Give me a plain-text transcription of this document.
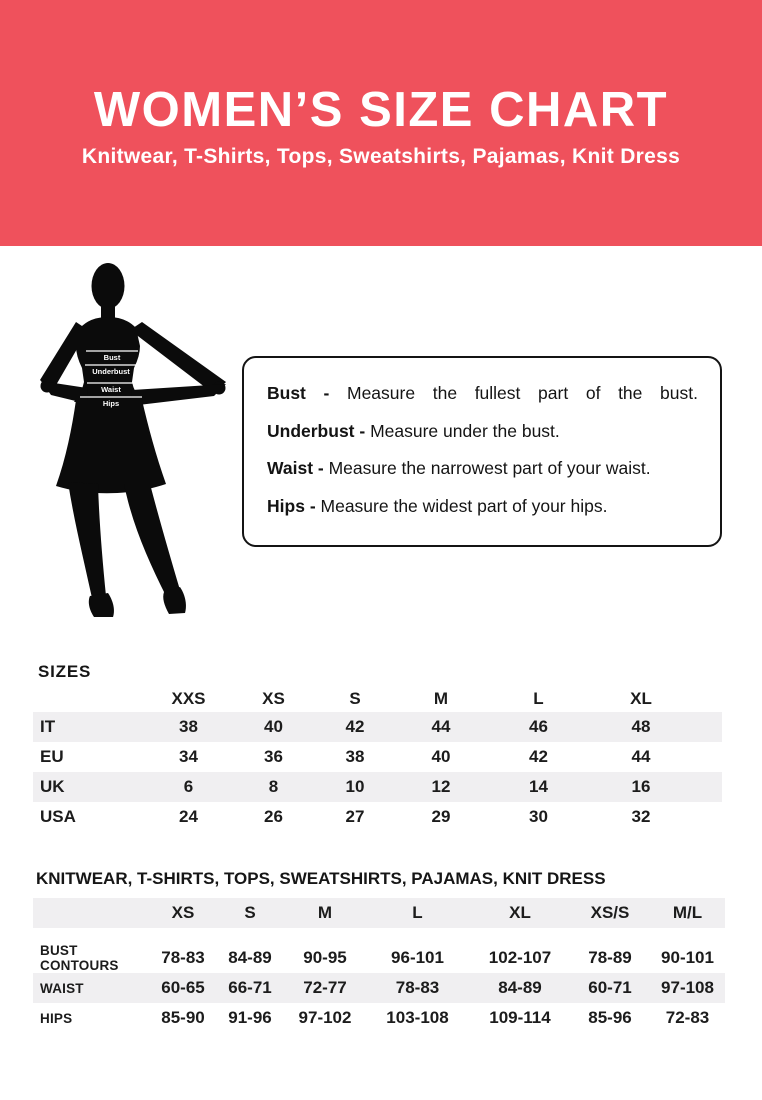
WOMEN’S SIZE CHART
Knitwear, T-Shirts, Tops, Sweatshirts, Pajamas, Knit Dress
Bust
Underbust
Waist
Hips

Bust - Measure the fullest part of the bust.

Underbust - Measure under the bust.

Waist - Measure the narrowest part of your waist.

Hips - Measure the widest part of your hips.

SIZES
XXS	XS	S	M	L	XL
IT	38	40	42	44	46	48
EU	34	36	38	40	42	44
UK	6	8	10	12	14	16
USA	24	26	27	29	30	32
KNITWEAR, T-SHIRTS, TOPS, SWEATSHIRTS, PAJAMAS, KNIT DRESS
XS	S	M	L	XL	XS/S	M/L
BUST CONTOURS	78-83	84-89	90-95	96-101	102-107	78-89	90-101
WAIST	60-65	66-71	72-77	78-83	84-89	60-71	97-108
HIPS	85-90	91-96	97-102	103-108	109-114	85-96	72-83
